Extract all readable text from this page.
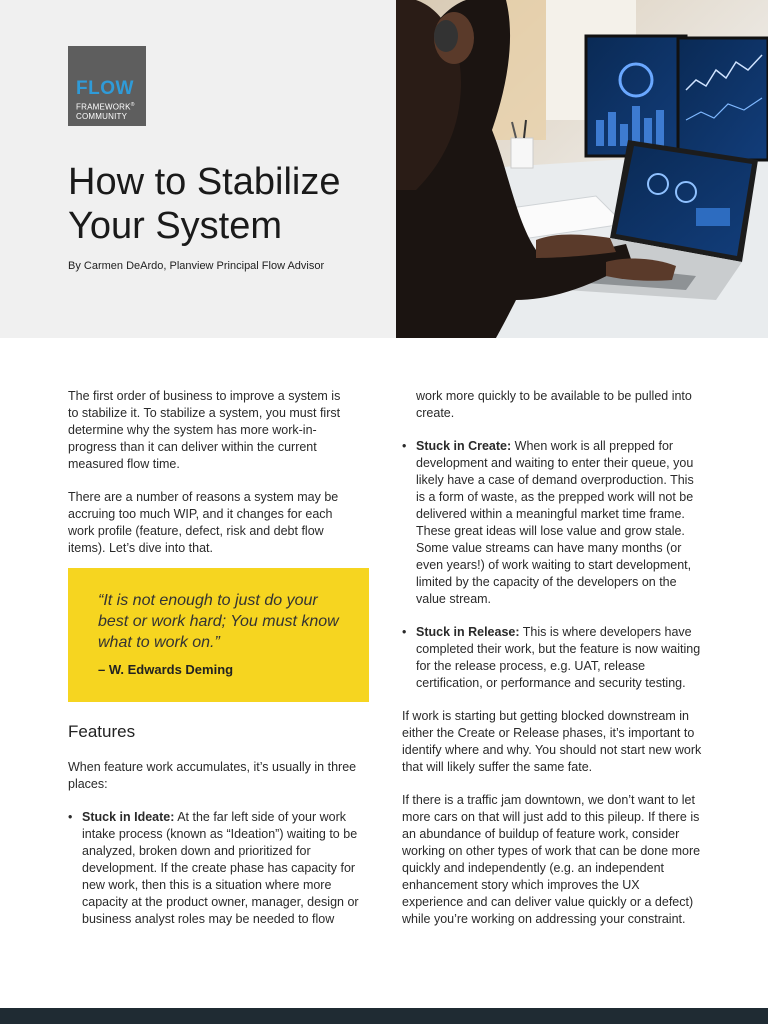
FLOW
FRAMEWORK®
COMMUNITY
How to Stabilize
Your System
By Carmen DeArdo, Planview Principal Flow Advisor

The first order of business to improve a system is to stabilize it. To stabilize a system, you must first determine why the system has more work-in-progress than it can deliver within the current measured flow time.

There are a number of reasons a system may be accruing too much WIP, and it changes for each work profile (feature, defect, risk and debt flow items). Let’s dive into that.

“It is not enough to just do your best or work hard; You must know what to work on.”
– W. Edwards Deming
Features

When feature work accumulates, it’s usually in three places:

• Stuck in Ideate: At the far left side of your work intake process (known as “Ideation”) waiting to be analyzed, broken down and prioritized for development. If the create phase has capacity for new work, then this is a situation where more capacity at the product owner, manager, design or business analyst roles may be needed to flow

work more quickly to be available to be pulled into create.

• Stuck in Create: When work is all prepped for development and waiting to enter their queue, you likely have a case of demand overproduction. This is a form of waste, as the prepped work will not be delivered within a meaningful market time frame. These great ideas will lose value and grow stale. Some value streams can have many months (or even years!) of work waiting to start development, limited by the capacity of the developers on the value stream.
• Stuck in Release: This is where developers have completed their work, but the feature is now waiting for the release process, e.g. UAT, release certification, or performance and security testing.

If work is starting but getting blocked downstream in either the Create or Release phases, it’s important to identify where and why. You should not start new work that will likely suffer the same fate.

If there is a traffic jam downtown, we don’t want to let more cars on that will just add to this pileup. If there is an abundance of buildup of feature work, consider working on other types of work that can be done more quickly and independently (e.g. an independent enhancement story which improves the UX experience and can deliver value quickly or a defect) while you’re working on addressing your constraint.
